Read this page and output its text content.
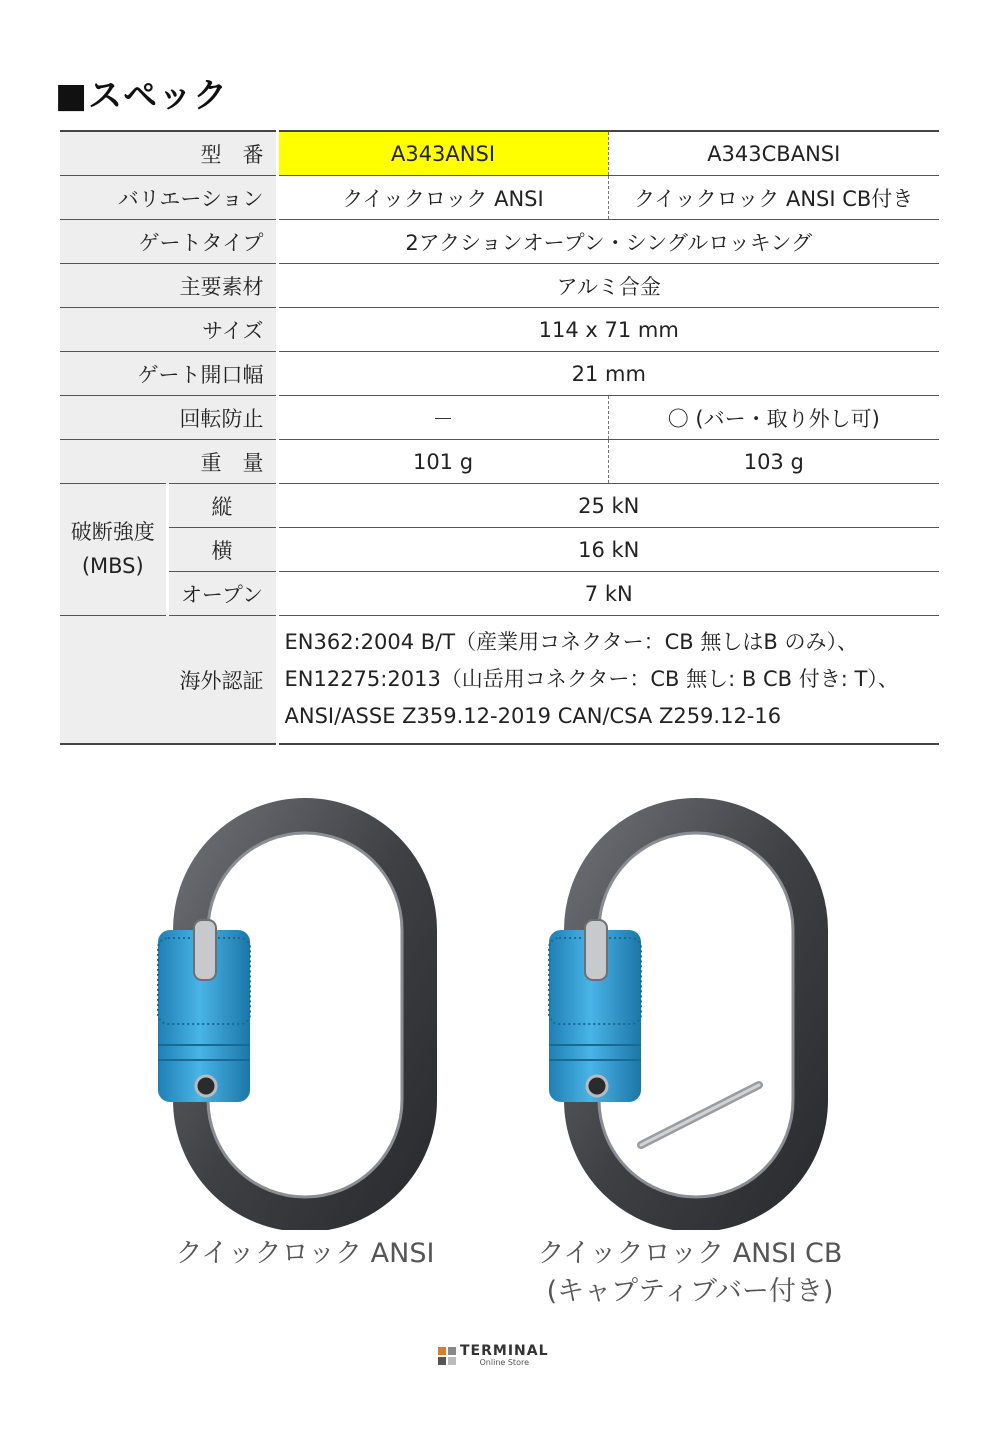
■スペック
型　番		A343ANSI	A343CBANSI
バリエーション		クイックロック ANSI	クイックロック ANSI CB付き
ゲートタイプ		2アクションオープン・シングルロッキング	
主要素材		アルミ合金	
サイズ		114 x 71 mm	
ゲート開口幅		21 mm	
回転防止		－	〇 (バー・取り外し可)
重　量		101 g	103 g

破断強度
(MBS)	縦	25 kN	
	横	16 kN	
	オープン	7 kN	
海外認証		EN362:2004 B/T（産業用コネクター：CB 無しはB のみ）、
EN12275:2013（山岳用コネクター：CB 無し: B CB 付き: T）、
ANSI/ASSE Z359.12-2019 CAN/CSA Z259.12-16	
クイックロック ANSI	クイックロック ANSI CB
(キャプティブバー付き)
TERMINAL
Online Store
